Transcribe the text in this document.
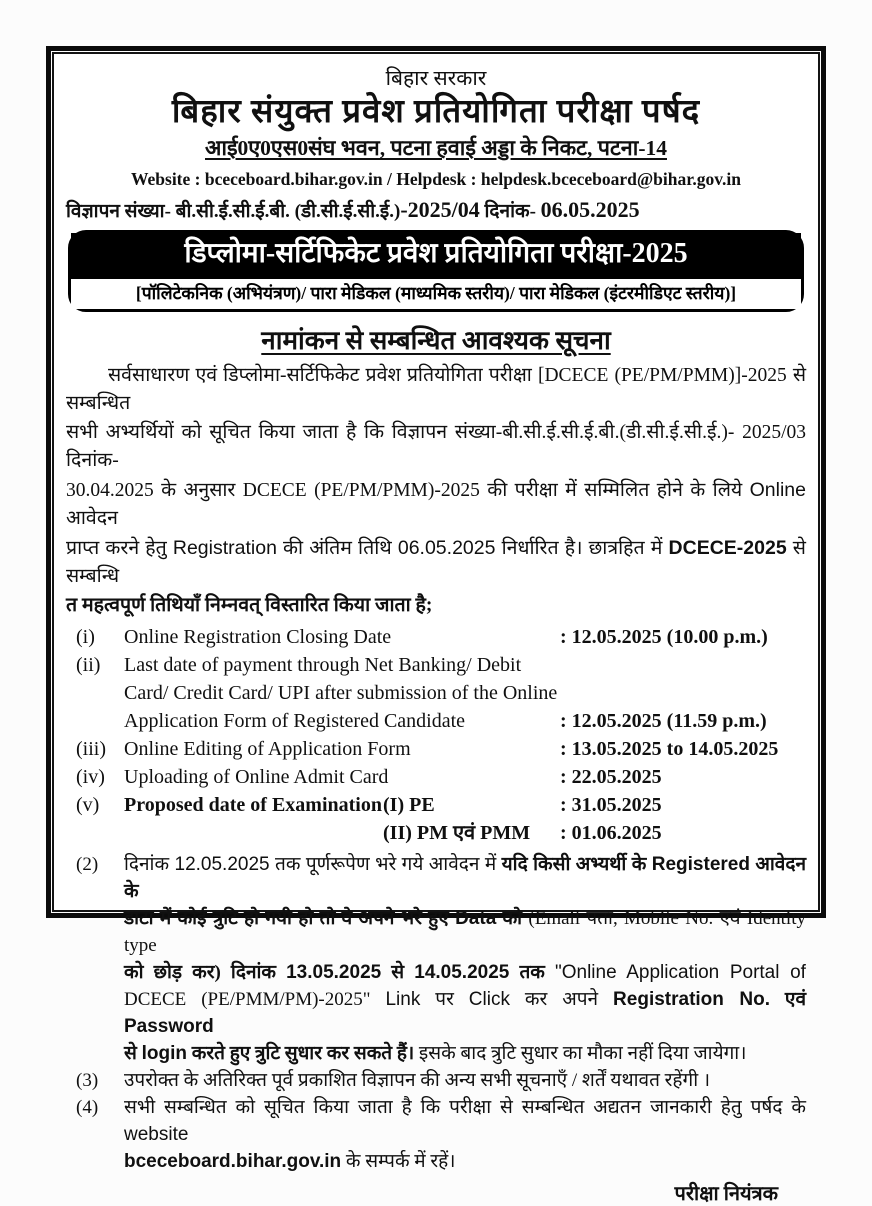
बिहार सरकार
बिहार संयुक्त प्रवेश प्रतियोगिता परीक्षा पर्षद
आई0ए0एस0संघ भवन, पटना हवाई अड्डा के निकट, पटना-14
Website : bceceboard.bihar.gov.in / Helpdesk : helpdesk.bceceboard@bihar.gov.in
विज्ञापन संख्या- बी.सी.ई.सी.ई.बी. (डी.सी.ई.सी.ई.)-2025/04 दिनांक- 06.05.2025
डिप्लोमा-सर्टिफिकेट प्रवेश प्रतियोगिता परीक्षा-2025
[पॉलिटेकनिक (अभियंत्रण)/ पारा मेडिकल (माध्यमिक स्तरीय)/ पारा मेडिकल (इंटरमीडिएट स्तरीय)]
नामांकन से सम्बन्धित आवश्यक सूचना
सर्वसाधारण एवं डिप्लोमा-सर्टिफिकेट प्रवेश प्रतियोगिता परीक्षा [DCECE (PE/PM/PMM)]-2025 से सम्बन्धित
सभी अभ्यर्थियों को सूचित किया जाता है कि विज्ञापन संख्या-बी.सी.ई.सी.ई.बी.(डी.सी.ई.सी.ई.)- 2025/03 दिनांक-
30.04.2025 के अनुसार DCECE (PE/PM/PMM)-2025 की परीक्षा में सम्मिलित होने के लिये Online आवेदन
प्राप्त करने हेतु Registration की अंतिम तिथि 06.05.2025 निर्धारित है। छात्रहित में DCECE-2025 से सम्बन्धि
त महत्वपूर्ण तिथियाँ निम्नवत् विस्तारित किया जाता है;
(i)	Online Registration Closing Date	: 12.05.2025 (10.00 p.m.)
(ii)	Last date of payment through Net Banking/ Debit
Card/ Credit Card/ UPI after submission of the Online
Application Form of Registered Candidate	: 12.05.2025 (11.59 p.m.)
(iii) Online Editing of Application Form	: 13.05.2025 to 14.05.2025
(iv) Uploading of Online Admit Card	: 22.05.2025
(v)	Proposed date of Examination (I) PE	: 31.05.2025
(II) PM एवं PMM	: 01.06.2025
(2)	दिनांक 12.05.2025 तक पूर्णरूपेण भरे गये आवेदन में यदि किसी अभ्यर्थी के Registered आवेदन के
डाटा में कोई त्रुटि हो गयी हो तो वे अपने भरे हुए Data को (Email पता, Mobile No. एवं Identity type
को छोड़ कर) दिनांक 13.05.2025 से 14.05.2025 तक "Online Application Portal of
DCECE (PE/PMM/PM)-2025" Link पर Click कर अपने Registration No. एवं Password
से login करते हुए त्रुटि सुधार कर सकते हैं। इसके बाद त्रुटि सुधार का मौका नहीं दिया जायेगा।
(3)	उपरोक्त के अतिरिक्त पूर्व प्रकाशित विज्ञापन की अन्य सभी सूचनाएँ / शर्तें यथावत रहेंगी ।
(4)	सभी सम्बन्धित को सूचित किया जाता है कि परीक्षा से सम्बन्धित अद्यतन जानकारी हेतु पर्षद के website
bceceboard.bihar.gov.in के सम्पर्क में रहें।
परीक्षा नियंत्रक
